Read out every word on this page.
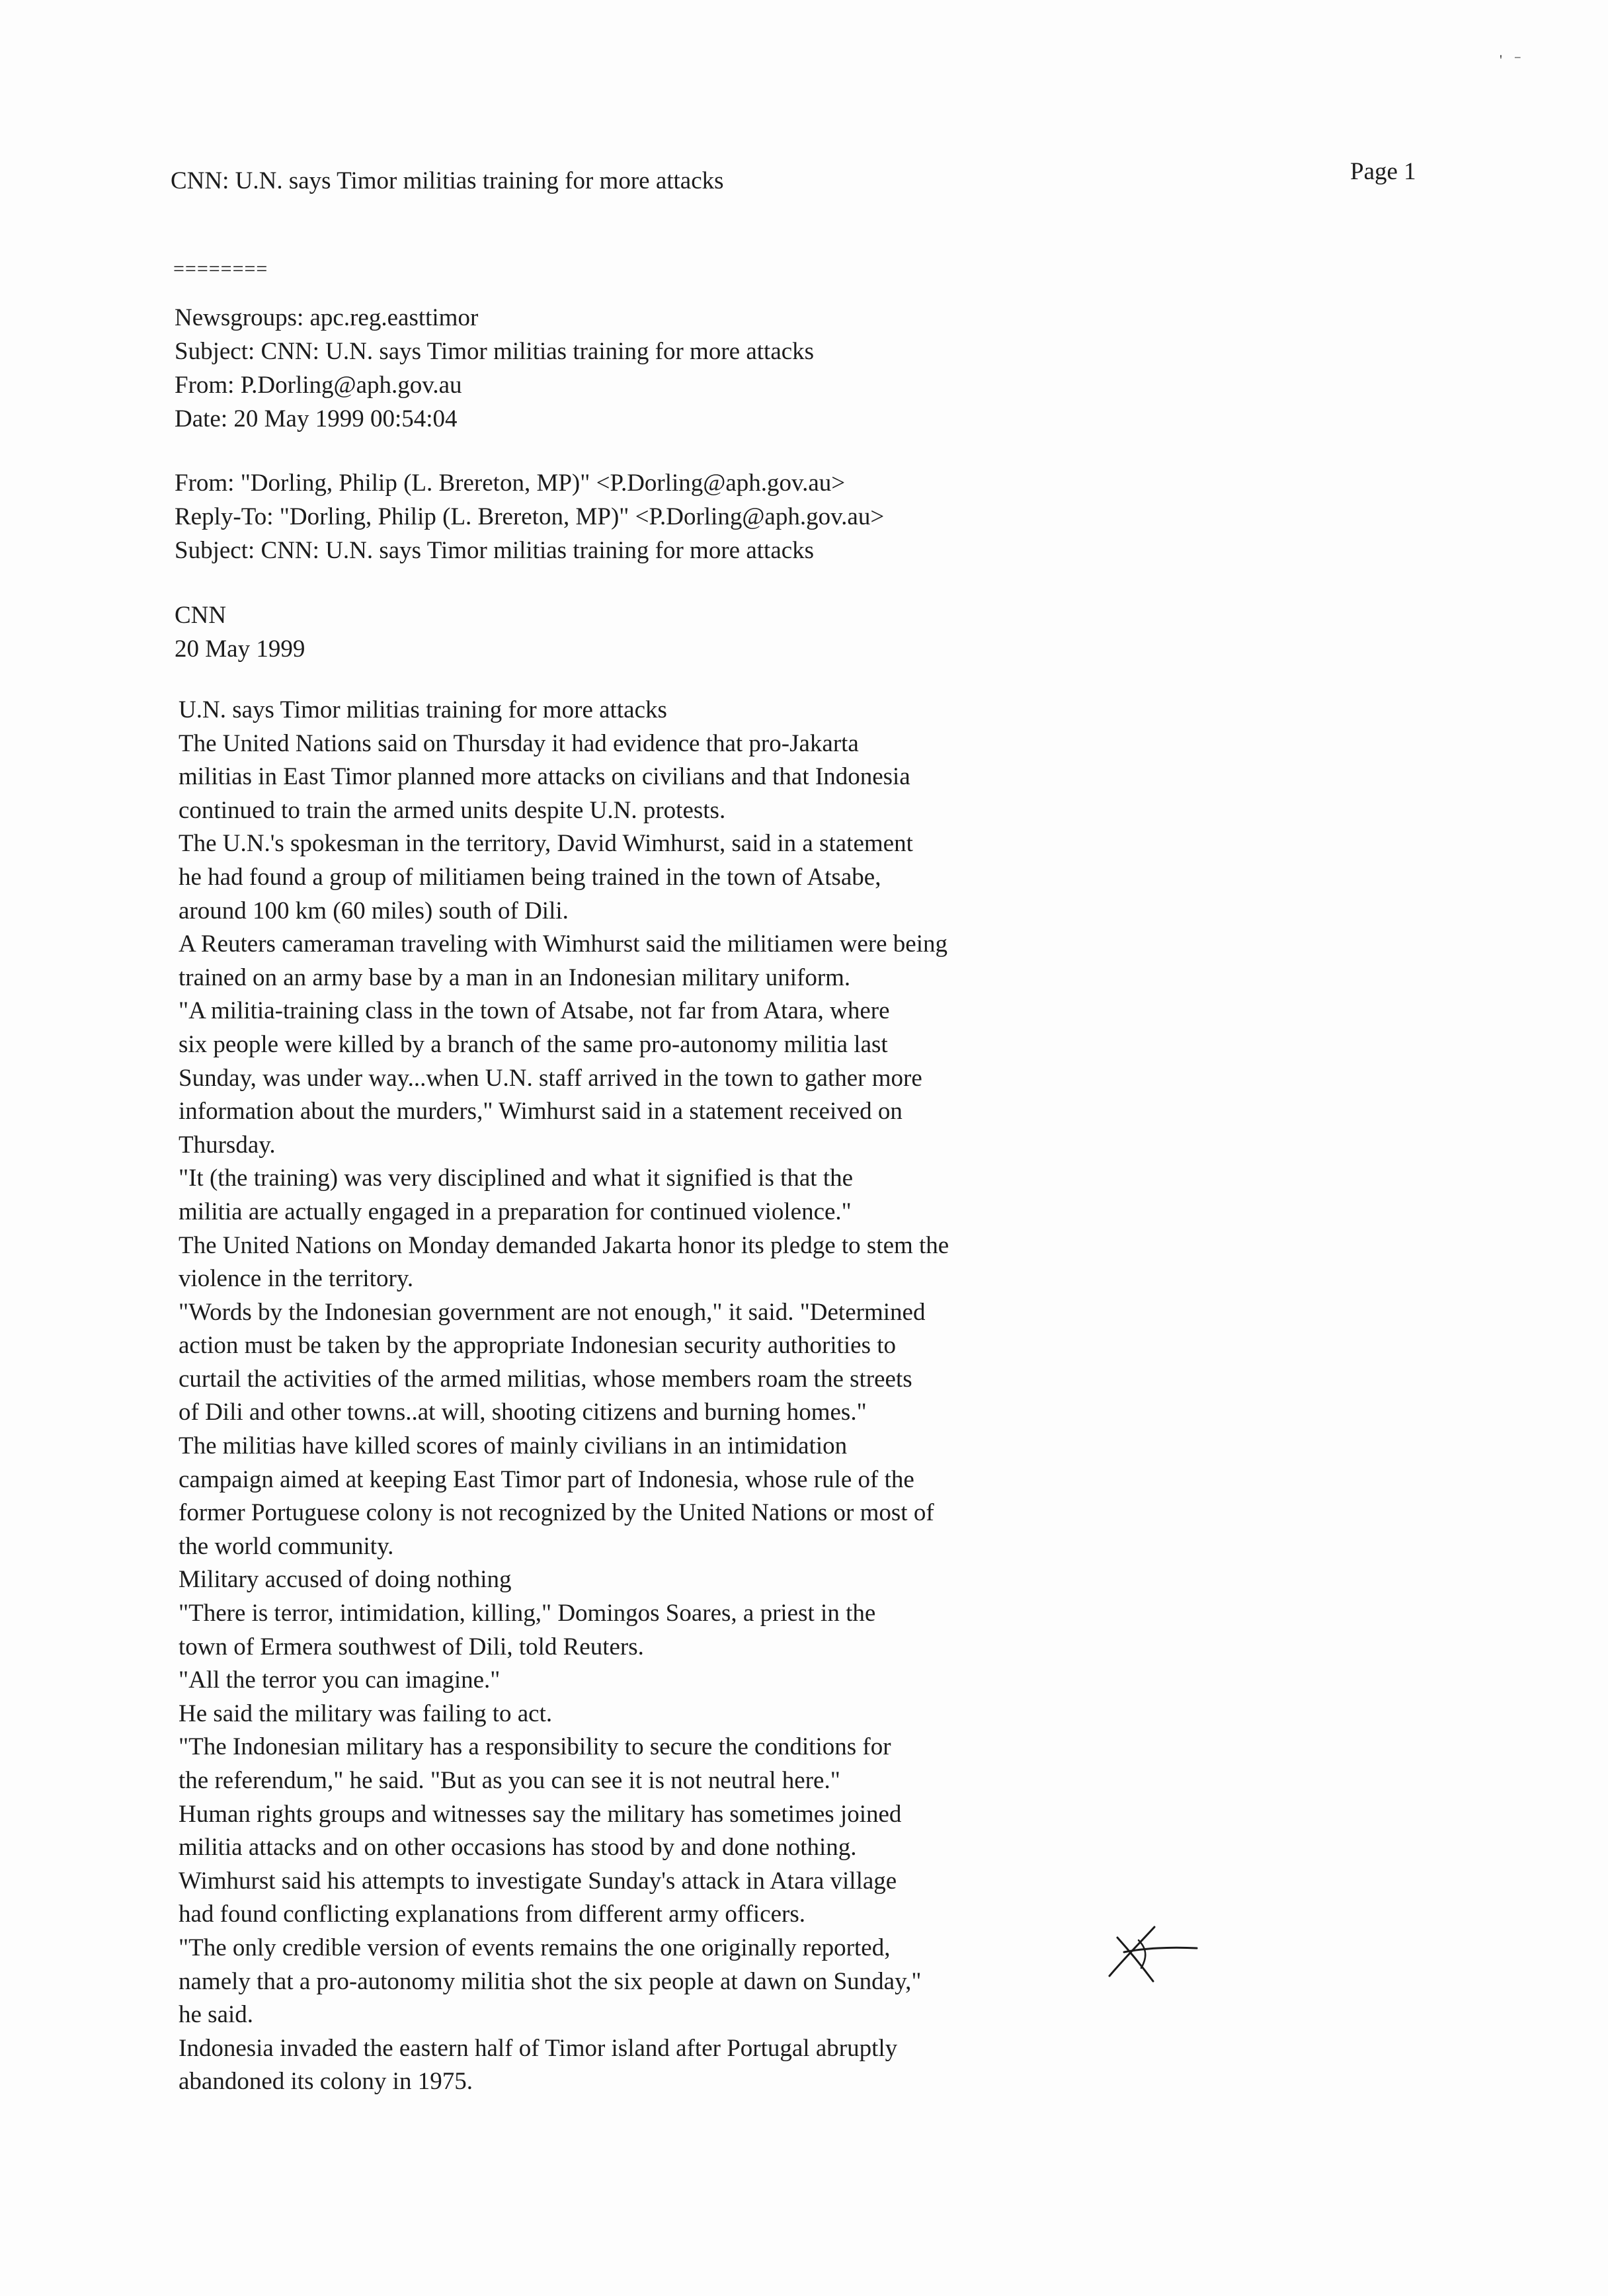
' ⁻
CNN: U.N. says Timor militias training for more attacks	Page 1
========
Newsgroups: apc.reg.easttimor
Subject: CNN: U.N. says Timor militias training for more attacks
From: P.Dorling@aph.gov.au
Date: 20 May 1999 00:54:04
From: "Dorling, Philip (L. Brereton, MP)" <P.Dorling@aph.gov.au>
Reply-To: "Dorling, Philip (L. Brereton, MP)" <P.Dorling@aph.gov.au>
Subject: CNN: U.N. says Timor militias training for more attacks
CNN
20 May 1999
U.N. says Timor militias training for more attacks
The United Nations said on Thursday it had evidence that pro-Jakarta
militias in East Timor planned more attacks on civilians and that Indonesia
continued to train the armed units despite U.N. protests.
The U.N.'s spokesman in the territory, David Wimhurst, said in a statement
he had found a group of militiamen being trained in the town of Atsabe,
around 100 km (60 miles) south of Dili.
A Reuters cameraman traveling with Wimhurst said the militiamen were being
trained on an army base by a man in an Indonesian military uniform.
"A militia-training class in the town of Atsabe, not far from Atara, where
six people were killed by a branch of the same pro-autonomy militia last
Sunday, was under way...when U.N. staff arrived in the town to gather more
information about the murders," Wimhurst said in a statement received on
Thursday.
"It (the training) was very disciplined and what it signified is that the
militia are actually engaged in a preparation for continued violence."
The United Nations on Monday demanded Jakarta honor its pledge to stem the
violence in the territory.
"Words by the Indonesian government are not enough," it said. "Determined
action must be taken by the appropriate Indonesian security authorities to
curtail the activities of the armed militias, whose members roam the streets
of Dili and other towns..at will, shooting citizens and burning homes."
The militias have killed scores of mainly civilians in an intimidation
campaign aimed at keeping East Timor part of Indonesia, whose rule of the
former Portuguese colony is not recognized by the United Nations or most of
the world community.
Military accused of doing nothing
"There is terror, intimidation, killing," Domingos Soares, a priest in the
town of Ermera southwest of Dili, told Reuters.
"All the terror you can imagine."
He said the military was failing to act.
"The Indonesian military has a responsibility to secure the conditions for
the referendum," he said. "But as you can see it is not neutral here."
Human rights groups and witnesses say the military has sometimes joined
militia attacks and on other occasions has stood by and done nothing.
Wimhurst said his attempts to investigate Sunday's attack in Atara village
had found conflicting explanations from different army officers.
"The only credible version of events remains the one originally reported,
namely that a pro-autonomy militia shot the six people at dawn on Sunday,"
he said.
Indonesia invaded the eastern half of Timor island after Portugal abruptly
abandoned its colony in 1975.
